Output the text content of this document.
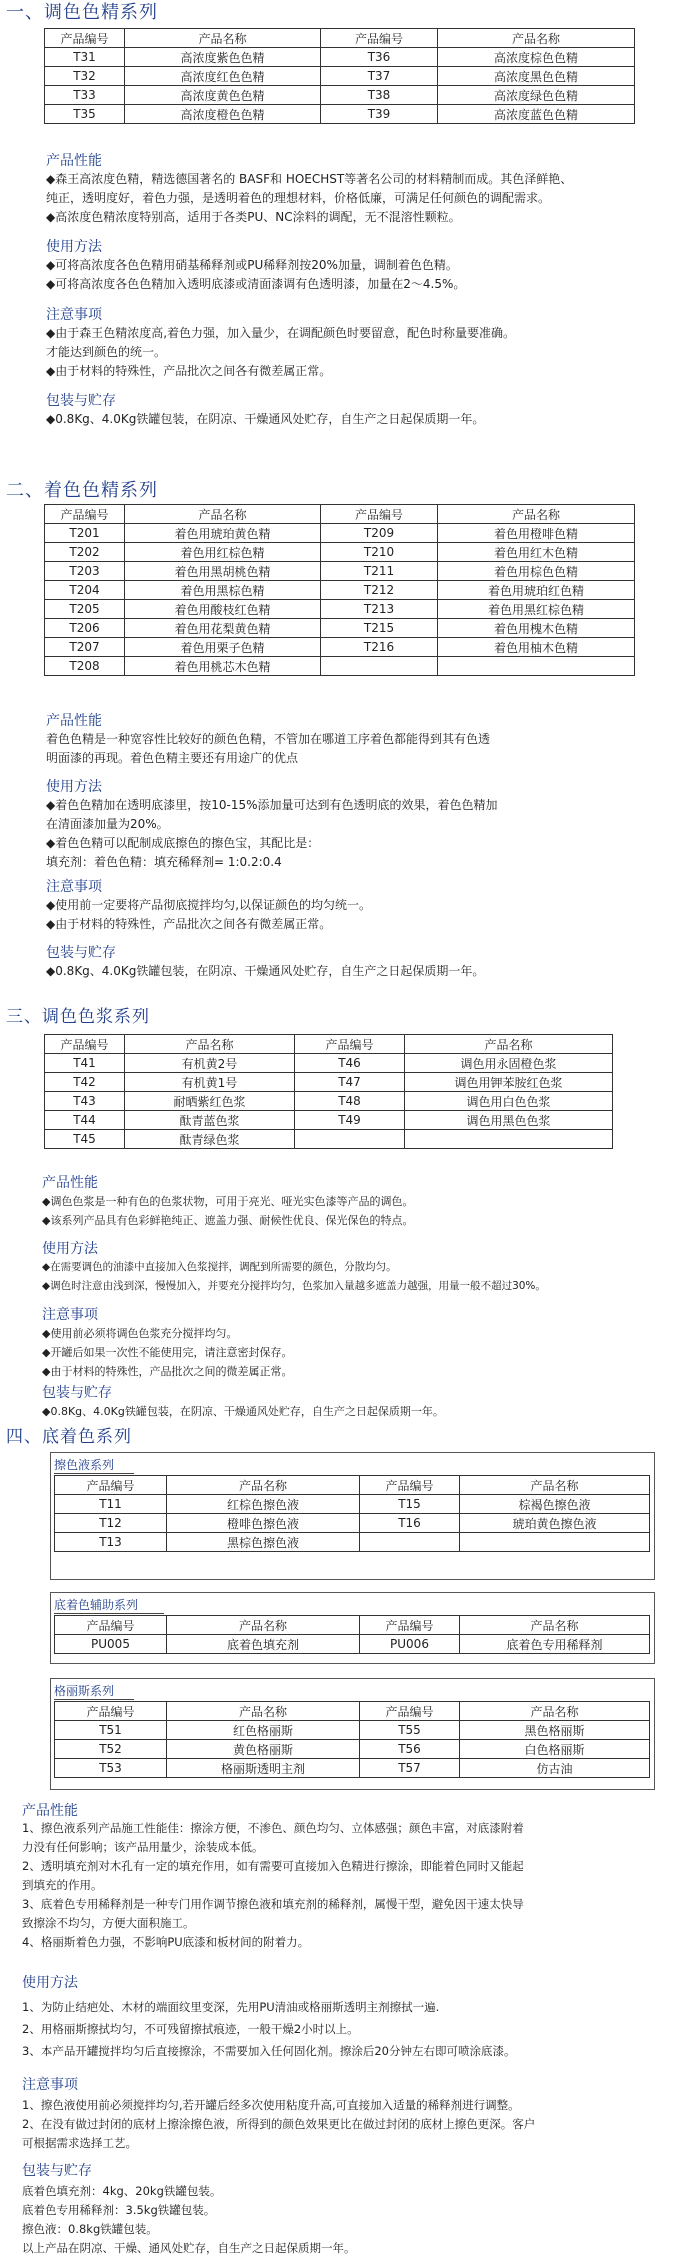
一、调色色精系列
产品编号	产品名称	产品编号	产品名称
T31	高浓度紫色色精	T36	高浓度棕色色精
T32	高浓度红色色精	T37	高浓度黑色色精
T33	高浓度黄色色精	T38	高浓度绿色色精
T35	高浓度橙色色精	T39	高浓度蓝色色精
产品性能

◆森王高浓度色精，精选德国著名的 BASF和 HOECHST等著名公司的材料精制而成。其色泽鲜艳、

纯正，透明度好，着色力强，是透明着色的理想材料，价格低廉，可满足任何颜色的调配需求。

◆高浓度色精浓度特别高，适用于各类PU、NC涂料的调配，无不混溶性颗粒。

使用方法

◆可将高浓度各色色精用硝基稀释剂或PU稀释剂按20%加量，调制着色色精。

◆可将高浓度各色色精加入透明底漆或清面漆调有色透明漆，加量在2～4.5%。

注意事项

◆由于森王色精浓度高,着色力强，加入量少，在调配颜色时要留意，配色时称量要准确。

才能达到颜色的统一。

◆由于材料的特殊性，产品批次之间各有微差属正常。

包装与贮存
◆0.8Kg、4.0Kg铁罐包装，在阴凉、干燥通风处贮存，自生产之日起保质期一年。
二、着色色精系列
产品编号	产品名称	产品编号	产品名称
T201	着色用琥珀黄色精	T209	着色用橙啡色精
T202	着色用红棕色精	T210	着色用红木色精
T203	着色用黑胡桃色精	T211	着色用棕色色精
T204	着色用黑棕色精	T212	着色用琥珀红色精
T205	着色用酸枝红色精	T213	着色用黑红棕色精
T206	着色用花梨黄色精	T215	着色用槐木色精
T207	着色用栗子色精	T216	着色用柚木色精
T208	着色用桃芯木色精		
产品性能

着色色精是一种宽容性比较好的颜色色精，不管加在哪道工序着色都能得到其有色透

明面漆的再现。着色色精主要还有用途广的优点

使用方法

◆着色色精加在透明底漆里，按10-15%添加量可达到有色透明底的效果，着色色精加

在清面漆加量为20%。

◆着色色精可以配制成底擦色的擦色宝，其配比是：

填充剂：着色色精：填充稀释剂= 1:0.2:0.4

注意事项

◆使用前一定要将产品彻底搅拌均匀,以保证颜色的均匀统一。

◆由于材料的特殊性，产品批次之间各有微差属正常。

包装与贮存
◆0.8Kg、4.0Kg铁罐包装，在阴凉、干燥通风处贮存，自生产之日起保质期一年。
三、调色色浆系列
产品编号	产品名称	产品编号	产品名称
T41	有机黄2号	T46	调色用永固橙色浆
T42	有机黄1号	T47	调色用钾苯胺红色浆
T43	耐晒紫红色浆	T48	调色用白色色浆
T44	酞青蓝色浆	T49	调色用黑色色浆
T45	酞青绿色浆		
产品性能

◆调色色浆是一种有色的色浆状物，可用于亮光、哑光实色漆等产品的调色。

◆该系列产品具有色彩鲜艳纯正、遮盖力强、耐候性优良、保光保色的特点。

使用方法

◆在需要调色的油漆中直接加入色浆搅拌，调配到所需要的颜色，分散均匀。

◆调色时注意由浅到深，慢慢加入，并要充分搅拌均匀，色浆加入量越多遮盖力越强，用量一般不超过30%。

注意事项

◆使用前必须将调色色浆充分搅拌均匀。

◆开罐后如果一次性不能使用完，请注意密封保存。

◆由于材料的特殊性，产品批次之间的微差属正常。

包装与贮存
◆0.8Kg、4.0Kg铁罐包装，在阴凉、干燥通风处贮存，自生产之日起保质期一年。
四、底着色系列
擦色液系列
产品编号	产品名称	产品编号	产品名称
T11	红棕色擦色液	T15	棕褐色擦色液
T12	橙啡色擦色液	T16	琥珀黄色擦色液
T13	黑棕色擦色液		
底着色辅助系列
产品编号	产品名称	产品编号	产品名称
PU005	底着色填充剂	PU006	底着色专用稀释剂
格丽斯系列
产品编号	产品名称	产品编号	产品名称
T51	红色格丽斯	T55	黑色格丽斯
T52	黄色格丽斯	T56	白色格丽斯
T53	格丽斯透明主剂	T57	仿古油
产品性能

1、擦色液系列产品施工性能佳：擦涂方便，不渗色、颜色均匀、立体感强；颜色丰富，对底漆附着

力没有任何影响；该产品用量少，涂装成本低。

2、透明填充剂对木孔有一定的填充作用，如有需要可直接加入色精进行擦涂，即能着色同时又能起

到填充的作用。

3、底着色专用稀释剂是一种专门用作调节擦色液和填充剂的稀释剂，属慢干型，避免因干速太快导

致擦涂不均匀，方便大面积施工。

4、格丽斯着色力强，不影响PU底漆和板材间的附着力。

使用方法

1、为防止结疤处、木材的端面纹里变深，先用PU清油或格丽斯透明主剂擦拭一遍.

2、用格丽斯擦拭均匀，不可残留擦拭痕迹，一般干燥2小时以上。

3、本产品开罐搅拌均匀后直接擦涂，不需要加入任何固化剂。擦涂后20分钟左右即可喷涂底漆。

注意事项

1、擦色液使用前必须搅拌均匀,若开罐后经多次使用粘度升高,可直接加入适量的稀释剂进行调整。

2、在没有做过封闭的底材上擦涂擦色液，所得到的颜色效果更比在做过封闭的底材上擦色更深。客户

可根据需求选择工艺。

包装与贮存

底着色填充剂：4kg、20kg铁罐包装。

底着色专用稀释剂：3.5kg铁罐包装。

擦色液：0.8kg铁罐包装。

以上产品在阴凉、干燥、通风处贮存，自生产之日起保质期一年。
